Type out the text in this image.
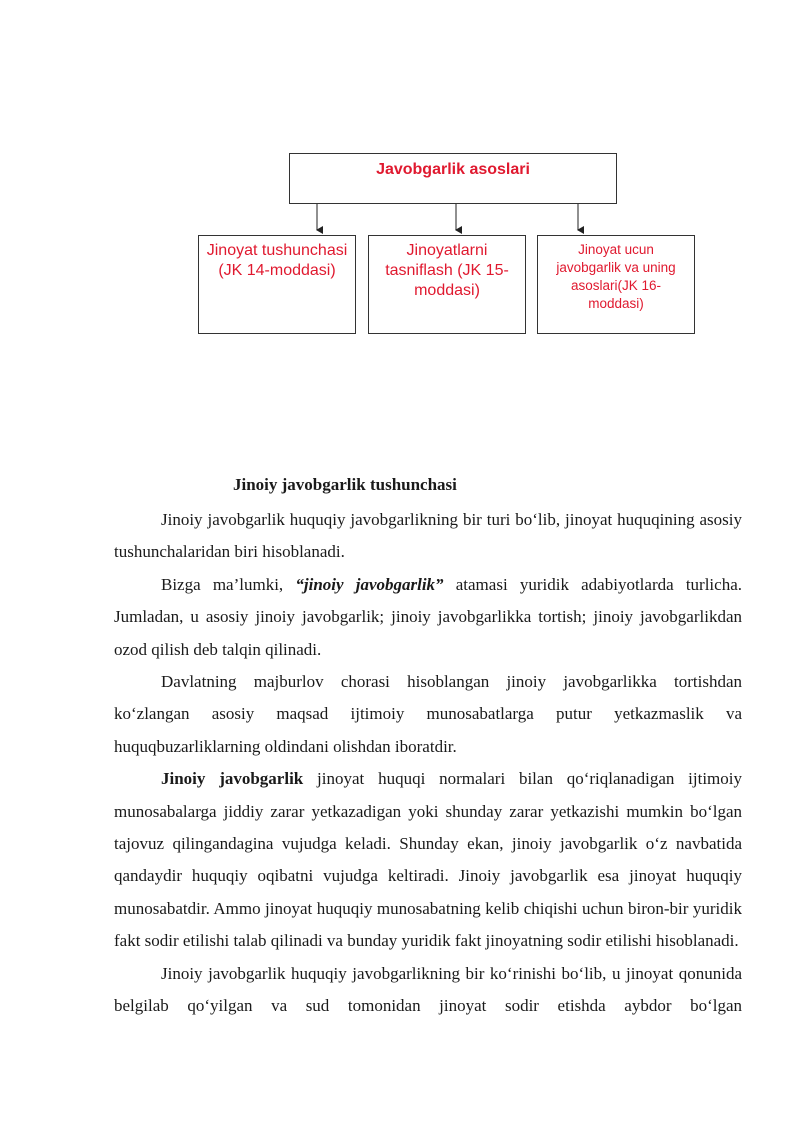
Javobgarlik asoslari
Jinoyat tushunchasi (JK 14-moddasi)
Jinoyatlarni tasniflash (JK 15-moddasi)
Jinoyat ucun javobgarlik va uning asoslari(JK 16-moddasi)
Jinoiy javobgarlik tushunchasi

Jinoiy javobgarlik huquqiy javobgarlikning bir turi bo‘lib, jinoyat huquqining asosiy tushunchalaridan biri hisoblanadi.

Bizga ma’lumki, “jinoiy javobgarlik” atamasi yuridik adabiyotlarda turlicha. Jumladan, u asosiy jinoiy javobgarlik; jinoiy javobgarlikka tortish; jinoiy javobgarlikdan ozod qilish deb talqin qilinadi.

Davlatning majburlov chorasi hisoblangan jinoiy javobgarlikka tortishdan ko‘zlangan asosiy maqsad ijtimoiy munosabatlarga putur yetkazmaslik va huquqbuzarliklarning oldindani olishdan iboratdir.

Jinoiy javobgarlik jinoyat huquqi normalari bilan qo‘riqlanadigan ijtimoiy munosabalarga jiddiy zarar yetkazadigan yoki shunday zarar yetkazishi mumkin bo‘lgan tajovuz qilingandagina vujudga keladi. Shunday ekan, jinoiy javobgarlik o‘z navbatida qandaydir huquqiy oqibatni vujudga keltiradi. Jinoiy javobgarlik esa jinoyat huquqiy munosabatdir. Ammo jinoyat huquqiy munosabatning kelib chiqishi uchun biron-bir yuridik fakt sodir etilishi talab qilinadi va bunday yuridik fakt jinoyatning sodir etilishi hisoblanadi.

Jinoiy javobgarlik huquqiy javobgarlikning bir ko‘rinishi bo‘lib, u jinoyat qonunida belgilab qo‘yilgan va sud tomonidan jinoyat sodir etishda aybdor bo‘lgan
